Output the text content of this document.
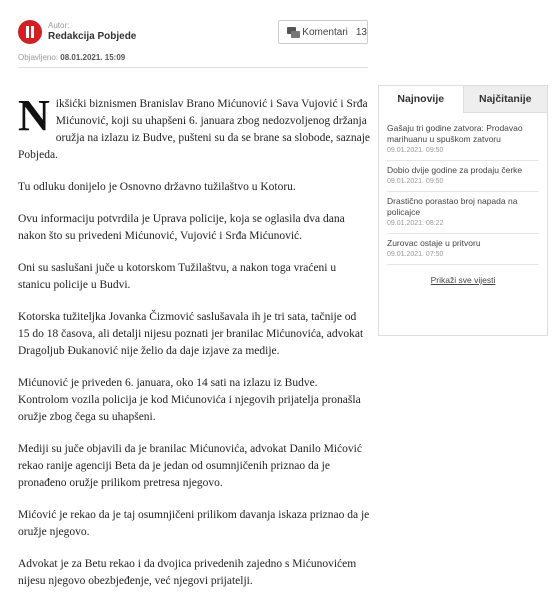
Autor:
Redakcija Pobjede
Objavljeno: 08.01.2021. 15:09
Komentari 13

Nikšićki biznismen Branislav Brano Mićunović i Sava Vujović i Srđa Mićunović, koji su uhapšeni 6. januara zbog nedozvoljenog držanja oružja na izlazu iz Budve, pušteni su da se brane sa slobode, saznaje Pobjeda.

Tu odluku donijelo je Osnovno državno tužilaštvo u Kotoru.

Ovu informaciju potvrdila je Uprava policije, koja se oglasila dva dana nakon što su privedeni Mićunović, Vujović i Srđa Mićunović.

Oni su saslušani juče u kotorskom Tužilaštvu, a nakon toga vraćeni u stanicu policije u Budvi.

Kotorska tužiteljka Jovanka Čizmović saslušavala ih je tri sata, tačnije od 15 do 18 časova, ali detalji nijesu poznati jer branilac Mićunovića, advokat Dragoljub Đukanović nije želio da daje izjave za medije.

Mićunović je priveden 6. januara, oko 14 sati na izlazu iz Budve. Kontrolom vozila policija je kod Mićunovića i njegovih prijatelja pronašla oružje zbog čega su uhapšeni.

Mediji su juče objavili da je branilac Mićunovića, advokat Danilo Mićović rekao ranije agenciji Beta da je jedan od osumnjičenih priznao da je pronađeno oružje prilikom pretresa njegovo.

Mićović je rekao da je taj osumnjičeni prilikom davanja iskaza priznao da je oružje njegovo.

Advokat je za Betu rekao i da dvojica privedenih zajedno s Mićunovićem nijesu njegovo obezbjeđenje, već njegovi prijatelji.

Najnovije	Najčitanije
Gašaju tri godine zatvora: Prodavao marihuanu u spuškom zatvoru
09.01.2021. 09:50
Dobio dvije godine za prodaju čerke
09.01.2021. 09:50
Drastično porastao broj napada na policajce
09.01.2021. 08:22
Zurovac ostaje u pritvoru
09.01.2021. 07:50
Prikaži sve vijesti
